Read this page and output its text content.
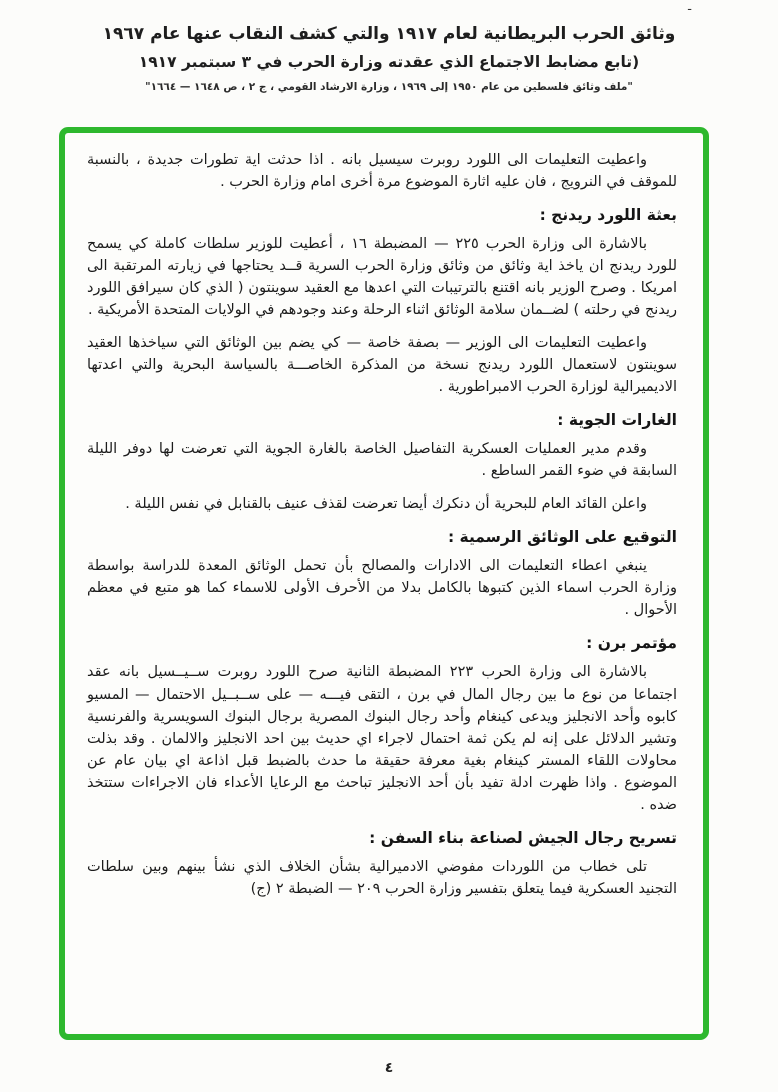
-
وثائق الحرب البريطانية لعام ١٩١٧ والتي كشف النقاب عنها عام ١٩٦٧
(تابع مضابط الاجتماع الذي عقدته وزارة الحرب في ٣ سبتمبر ١٩١٧
"ملف وثائق فلسطين من عام ١٩٥٠ إلى ١٩٦٩ ، وزارة الارشاد القومي ، ج ٢ ، ص ١٦٤٨ — ١٦٦٤"

واعطيت التعليمات الى اللورد روبرت سيسيل بانه . اذا حدثت اية تطورات جديدة ، بالنسبة للموقف في النرويج ، فان عليه اثارة الموضوع مرة أخرى امام وزارة الحرب .

بعثة اللورد ريدنج :

بالاشارة الى وزارة الحرب ٢٢٥ — المضبطة ١٦ ، أعطيت للوزير سلطات كاملة كي يسمح للورد ريدنج ان ياخذ اية وثائق من وثائق وزارة الحرب السرية قــد يحتاجها في زيارته المرتقبة الى امريكا . وصرح الوزير بانه اقتنع بالترتيبات التي اعدها مع العقيد سوينتون ( الذي كان سيرافق اللورد ريدنج في رحلته ) لضــمان سلامة الوثائق اثناء الرحلة وعند وجودهم في الولايات المتحدة الأمريكية .

واعطيت التعليمات الى الوزير — بصفة خاصة — كي يضم بين الوثائق التي سياخذها العقيد سوينتون لاستعمال اللورد ريدنج نسخة من المذكرة الخاصـــة بالسياسة البحرية والتي اعدتها الاديميرالية لوزارة الحرب الامبراطورية .

الغارات الجوية :

وقدم مدير العمليات العسكرية التفاصيل الخاصة بالغارة الجوية التي تعرضت لها دوفر الليلة السابقة في ضوء القمر الساطع .

واعلن القائد العام للبحرية أن دنكرك أيضا تعرضت لقذف عنيف بالقنابل في نفس الليلة .

التوقيع على الوثائق الرسمية :

ينبغي اعطاء التعليمات الى الادارات والمصالح بأن تحمل الوثائق المعدة للدراسة بواسطة وزارة الحرب اسماء الذين كتبوها بالكامل بدلا من الأحرف الأولى للاسماء كما هو متبع في معظم الأحوال .

مؤتمر برن :

بالاشارة الى وزارة الحرب ٢٢٣ المضبطة الثانية صرح اللورد روبرت ســيــسيل بانه عقد اجتماعا من نوع ما بين رجال المال في برن ، التقى فيـــه — على ســبــيل الاحتمال — المسيو كابوه وأحد الانجليز ويدعى كينغام وأحد رجال البنوك المصرية برجال البنوك السويسرية والفرنسية وتشير الدلائل على إنه لم يكن ثمة احتمال لاجراء اي حديث بين احد الانجليز والالمان . وقد بذلت محاولات اللقاء المستر كينغام بغية معرفة حقيقة ما حدث بالضبط قبل اذاعة اي بيان عام عن الموضوع . واذا ظهرت ادلة تفيد بأن أحد الانجليز تباحث مع الرعايا الأعداء فان الاجراءات ستتخذ ضده .

تسريح رجال الجيش لصناعة بناء السفن :

تلى خطاب من اللوردات مفوضي الادميرالية بشأن الخلاف الذي نشأ بينهم وبين سلطات التجنيد العسكرية فيما يتعلق بتفسير وزارة الحرب ٢٠٩ — الضبطة ٢ (ج)

٤
